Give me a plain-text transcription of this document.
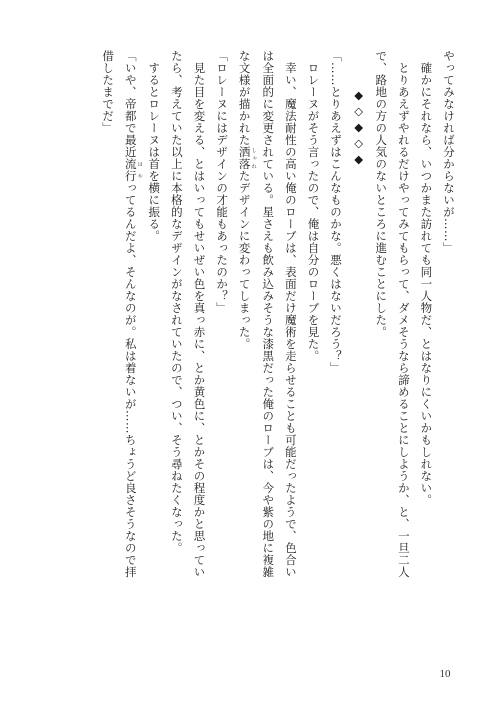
やってみなければ分からないが……」
　確かにそれなら、いつかまた訪れても同一人物だ、とはなりにくいかもしれない。
　とりあえずやれるだけやってみてもらって、ダメそうなら諦めることにしようか、と、一旦二人
で、路地の方の人気のないところに進むことにした。
◆◇◆◇◆
「……とりあえずはこんなものかな。悪くはないだろう？」
　ロレーヌがそう言ったので、俺は自分のローブを見た。
　幸い、魔法耐性の高い俺のローブは、表面だけ魔術を走らせることも可能だったようで、色合い
は全面的に変更されている。星さえも飲み込みそうな漆黒だった俺のローブは、今や紫の地に複雑
な文様が描かれた洒落 しゃれたデザインに変わってしまった。
「ロレーヌにはデザインの才能もあったのか？」
　見た目を変える、とはいってもせいぜい色を真っ赤に、とか黄色に、とかその程度かと思ってい
たら、考えていた以上に本格的なデザインがなされていたので、つい、そう尋ねたくなった。
　するとロレーヌは首を横に振る。
「いや、帝都で最近流行 はやってるんだよ、そんなのが。私は着ないが……ちょうど良さそうなので拝
借したまでだ」
10
